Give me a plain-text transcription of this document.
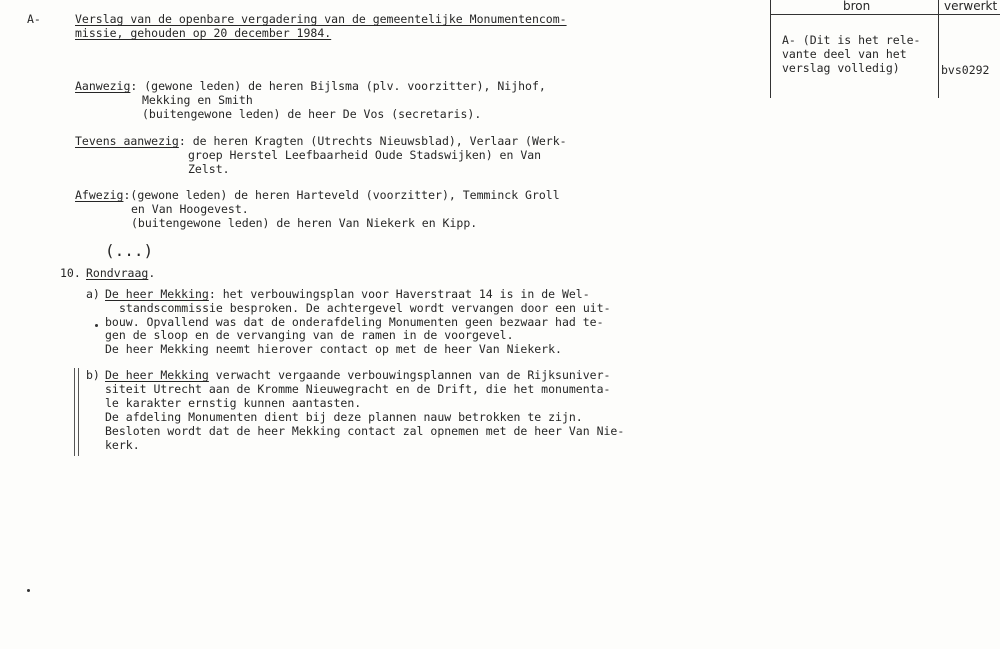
A-	Verslag van de openbare vergadering van de gemeentelijke Monumentencom-
missie, gehouden op 20 december 1984.
bron	verwerkt
A- (Dit is het rele-
vante deel van het
verslag volledig)	bvs0292
Aanwezig: (gewone leden) de heren Bijlsma (plv. voorzitter), Nijhof,
Mekking en Smith
(buitengewone leden) de heer De Vos (secretaris).
Tevens aanwezig: de heren Kragten (Utrechts Nieuwsblad), Verlaar (Werk-
groep Herstel Leefbaarheid Oude Stadswijken) en Van
Zelst.
Afwezig:(gewone leden) de heren Harteveld (voorzitter), Temminck Groll
en Van Hoogevest.
(buitengewone leden) de heren Van Niekerk en Kipp.
(...)
10. Rondvraag.
a) De heer Mekking: het verbouwingsplan voor Haverstraat 14 is in de Wel-
standscommissie besproken. De achtergevel wordt vervangen door een uit-
bouw. Opvallend was dat de onderafdeling Monumenten geen bezwaar had te-
gen de sloop en de vervanging van de ramen in de voorgevel.
De heer Mekking neemt hierover contact op met de heer Van Niekerk.
b) De heer Mekking verwacht vergaande verbouwingsplannen van de Rijksuniver-
siteit Utrecht aan de Kromme Nieuwegracht en de Drift, die het monumenta-
le karakter ernstig kunnen aantasten.
De afdeling Monumenten dient bij deze plannen nauw betrokken te zijn.
Besloten wordt dat de heer Mekking contact zal opnemen met de heer Van Nie-
kerk.
